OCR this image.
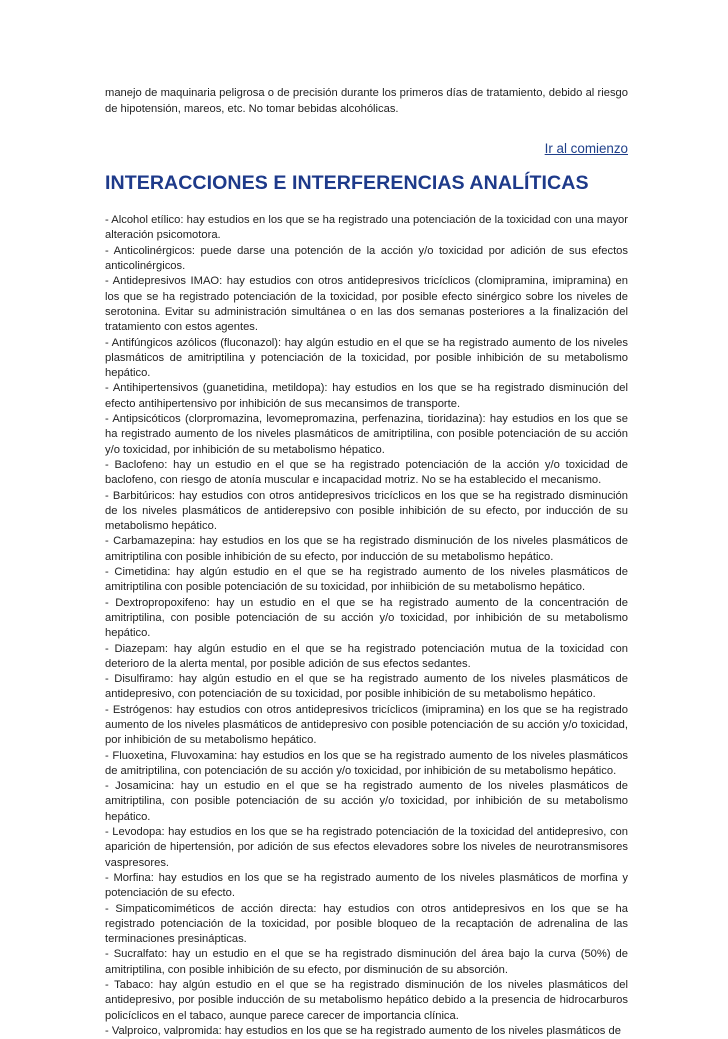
manejo de maquinaria peligrosa o de precisión durante los primeros días de tratamiento, debido al riesgo de hipotensión, mareos, etc. No tomar bebidas alcohólicas.

Ir al comienzo
INTERACCIONES E INTERFERENCIAS ANALÍTICAS

- Alcohol etílico: hay estudios en los que se ha registrado una potenciación de la toxicidad con una mayor alteración psicomotora.

- Anticolinérgicos: puede darse una potención de la acción y/o toxicidad por adición de sus efectos anticolinérgicos.

- Antidepresivos IMAO: hay estudios con otros antidepresivos tricíclicos (clomipramina, imipramina) en los que se ha registrado potenciación de la toxicidad, por posible efecto sinérgico sobre los niveles de serotonina. Evitar su administración simultánea o en las dos semanas posteriores a la finalización del tratamiento con estos agentes.

- Antifúngicos azólicos (fluconazol): hay algún estudio en el que se ha registrado aumento de los niveles plasmáticos de amitriptilina y potenciación de la toxicidad, por posible inhibición de su metabolismo hepático.

- Antihipertensivos (guanetidina, metildopa): hay estudios en los que se ha registrado disminución del efecto antihipertensivo por inhibición de sus mecansimos de transporte.

- Antipsicóticos (clorpromazina, levomepromazina, perfenazina, tioridazina): hay estudios en los que se ha registrado aumento de los niveles plasmáticos de amitriptilina, con posible potenciación de su acción y/o toxicidad, por inhibición de su metabolismo hépatico.

- Baclofeno: hay un estudio en el que se ha registrado potenciación de la acción y/o toxicidad de baclofeno, con riesgo de atonía muscular e incapacidad motriz. No se ha establecido el mecanismo.

- Barbitúricos: hay estudios con otros antidepresivos tricíclicos en los que se ha registrado disminución de los niveles plasmáticos de antiderepsivo con posible inhibición de su efecto, por inducción de su metabolismo hepático.

- Carbamazepina: hay estudios en los que se ha registrado disminución de los niveles plasmáticos de amitriptilina con posible inhibición de su efecto, por inducción de su metabolismo hepático.

- Cimetidina: hay algún estudio en el que se ha registrado aumento de los niveles plasmáticos de amitriptilina con posible potenciación de su toxicidad, por inhiibición de su metabolismo hepático.

- Dextropropoxifeno: hay un estudio en el que se ha registrado aumento de la concentración de amitriptilina, con posible potenciación de su acción y/o toxicidad, por inhibición de su metabolismo hepático.

- Diazepam: hay algún estudio en el que se ha registrado potenciación mutua de la toxicidad con deterioro de la alerta mental, por posible adición de sus efectos sedantes.

- Disulfiramo: hay algún estudio en el que se ha registrado aumento de los niveles plasmáticos de antidepresivo, con potenciación de su toxicidad, por posible inhibición de su metabolismo hepático.

- Estrógenos: hay estudios con otros antidepresivos tricíclicos (imipramina) en los que se ha registrado aumento de los niveles plasmáticos de antidepresivo con posible potenciación de su acción y/o toxicidad, por inhibición de su metabolismo hepático.

- Fluoxetina, Fluvoxamina: hay estudios en los que se ha registrado aumento de los niveles plasmáticos de amitriptilina, con potenciación de su acción y/o toxicidad, por inhibición de su metabolismo hepático.

- Josamicina: hay un estudio en el que se ha registrado aumento de los niveles plasmáticos de amitriptilina, con posible potenciación de su acción y/o toxicidad, por inhibición de su metabolismo hepático.

- Levodopa: hay estudios en los que se ha registrado potenciación de la toxicidad del antidepresivo, con aparición de hipertensión, por adición de sus efectos elevadores sobre los niveles de neurotransmisores vaspresores.

- Morfina: hay estudios en los que se ha registrado aumento de los niveles plasmáticos de morfina y potenciación de su efecto.

- Simpaticomiméticos de acción directa: hay estudios con otros antidepresivos en los que se ha registrado potenciación de la toxicidad, por posible bloqueo de la recaptación de adrenalina de las terminaciones presinápticas.

- Sucralfato: hay un estudio en el que se ha registrado disminución del área bajo la curva (50%) de amitriptilina, con posible inhibición de su efecto, por disminución de su absorción.

- Tabaco: hay algún estudio en el que se ha registrado disminución de los niveles plasmáticos del antidepresivo, por posible inducción de su metabolismo hepático debido a la presencia de hidrocarburos policíclicos en el tabaco, aunque parece carecer de importancia clínica.

- Valproico, valpromida: hay estudios en los que se ha registrado aumento de los niveles plasmáticos de
